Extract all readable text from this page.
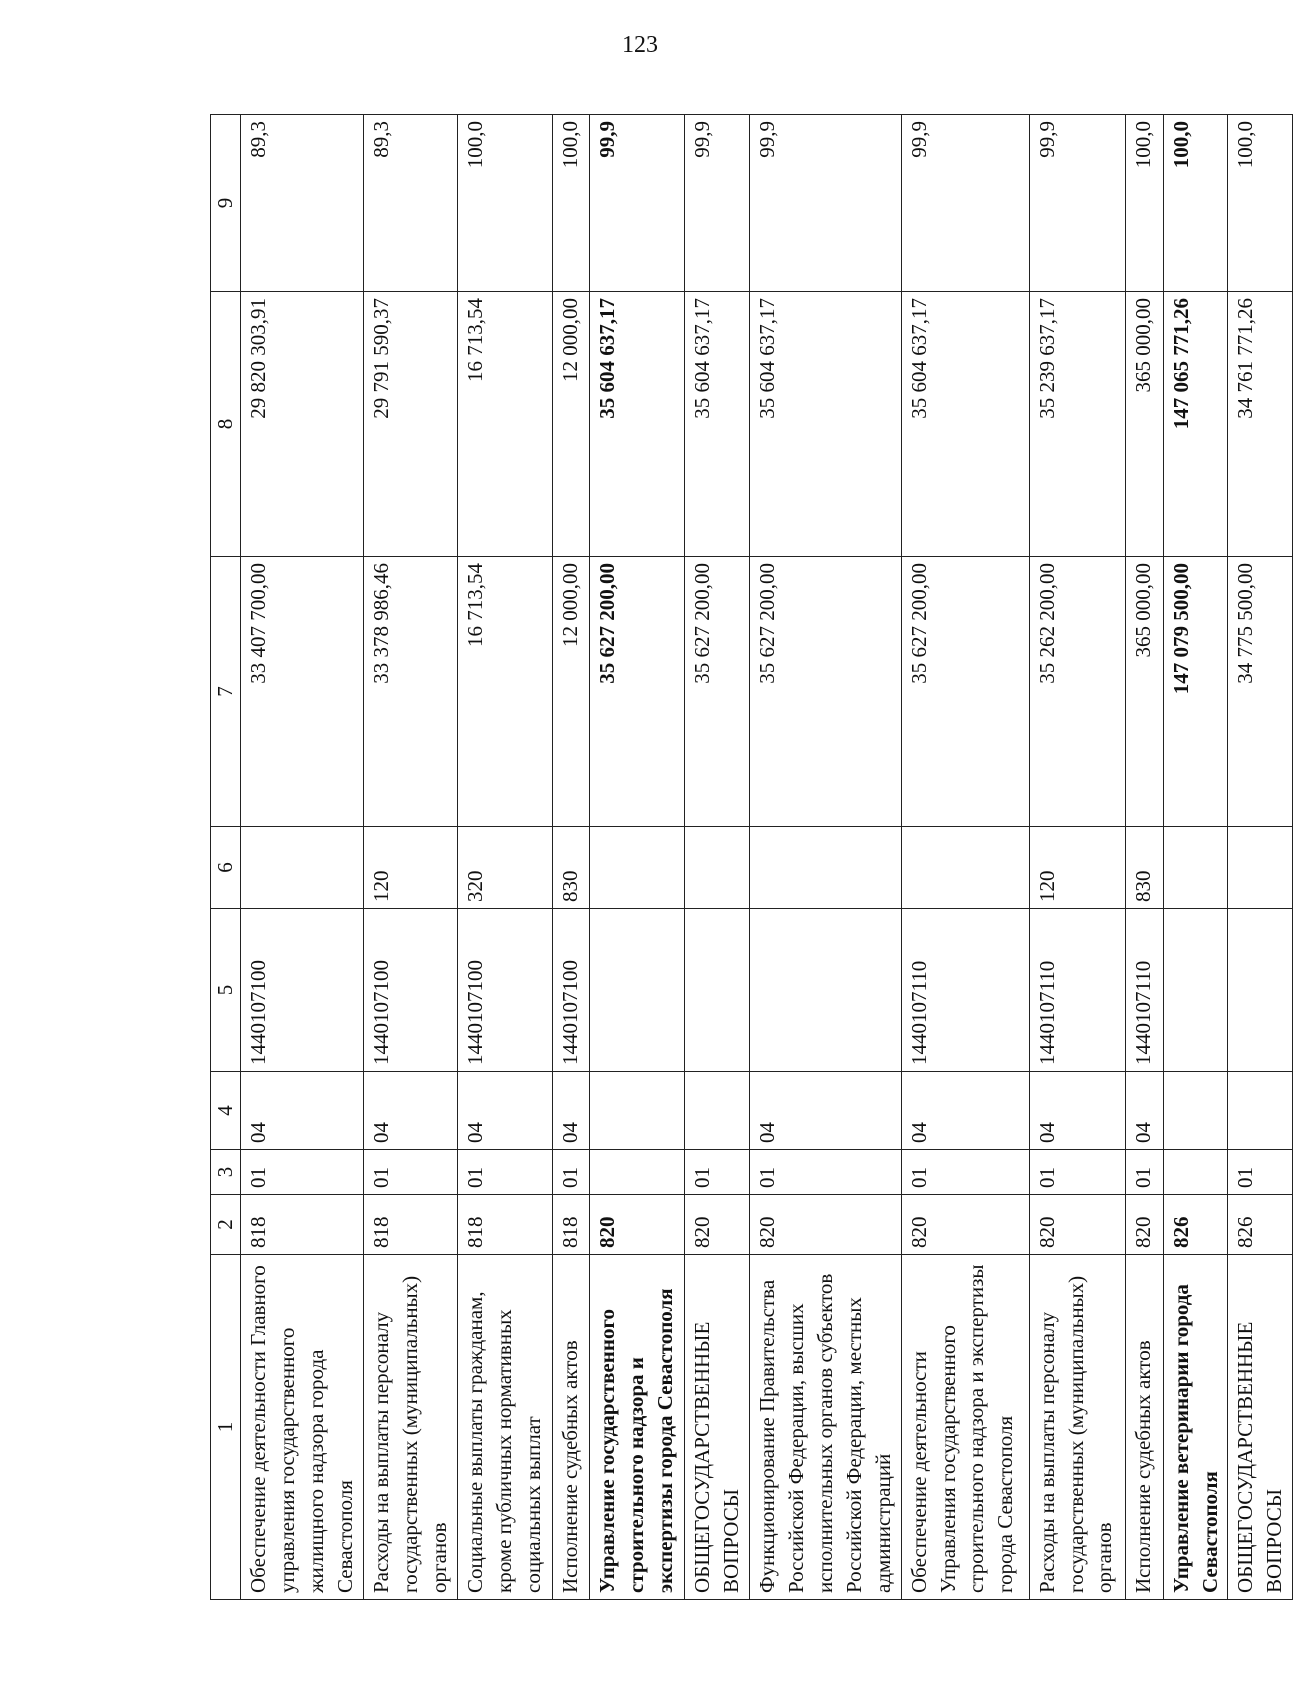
123
1	2	3	4	5	6	7	8	9
Обеспечение деятельности Главного управления государственного жилищного надзора города Севастополя	818	01	04	1440107100		33 407 700,00	29 820 303,91	89,3
Расходы на выплаты персоналу государственных (муниципальных) органов	818	01	04	1440107100	120	33 378 986,46	29 791 590,37	89,3
Социальные выплаты гражданам, кроме публичных нормативных социальных выплат	818	01	04	1440107100	320	16 713,54	16 713,54	100,0
Исполнение судебных актов	818	01	04	1440107100	830	12 000,00	12 000,00	100,0
Управление государственного строительного надзора и экспертизы города Севастополя	820					35 627 200,00	35 604 637,17	99,9
ОБЩЕГОСУДАРСТВЕННЫЕ ВОПРОСЫ	820	01				35 627 200,00	35 604 637,17	99,9
Функционирование Правительства Российской Федерации, высших исполнительных органов субъектов Российской Федерации, местных администраций	820	01	04			35 627 200,00	35 604 637,17	99,9
Обеспечение деятельности Управления государственного строительного надзора и экспертизы города Севастополя	820	01	04	1440107110		35 627 200,00	35 604 637,17	99,9
Расходы на выплаты персоналу государственных (муниципальных) органов	820	01	04	1440107110	120	35 262 200,00	35 239 637,17	99,9
Исполнение судебных актов	820	01	04	1440107110	830	365 000,00	365 000,00	100,0
Управление ветеринарии города Севастополя	826					147 079 500,00	147 065 771,26	100,0
ОБЩЕГОСУДАРСТВЕННЫЕ ВОПРОСЫ	826	01				34 775 500,00	34 761 771,26	100,0
